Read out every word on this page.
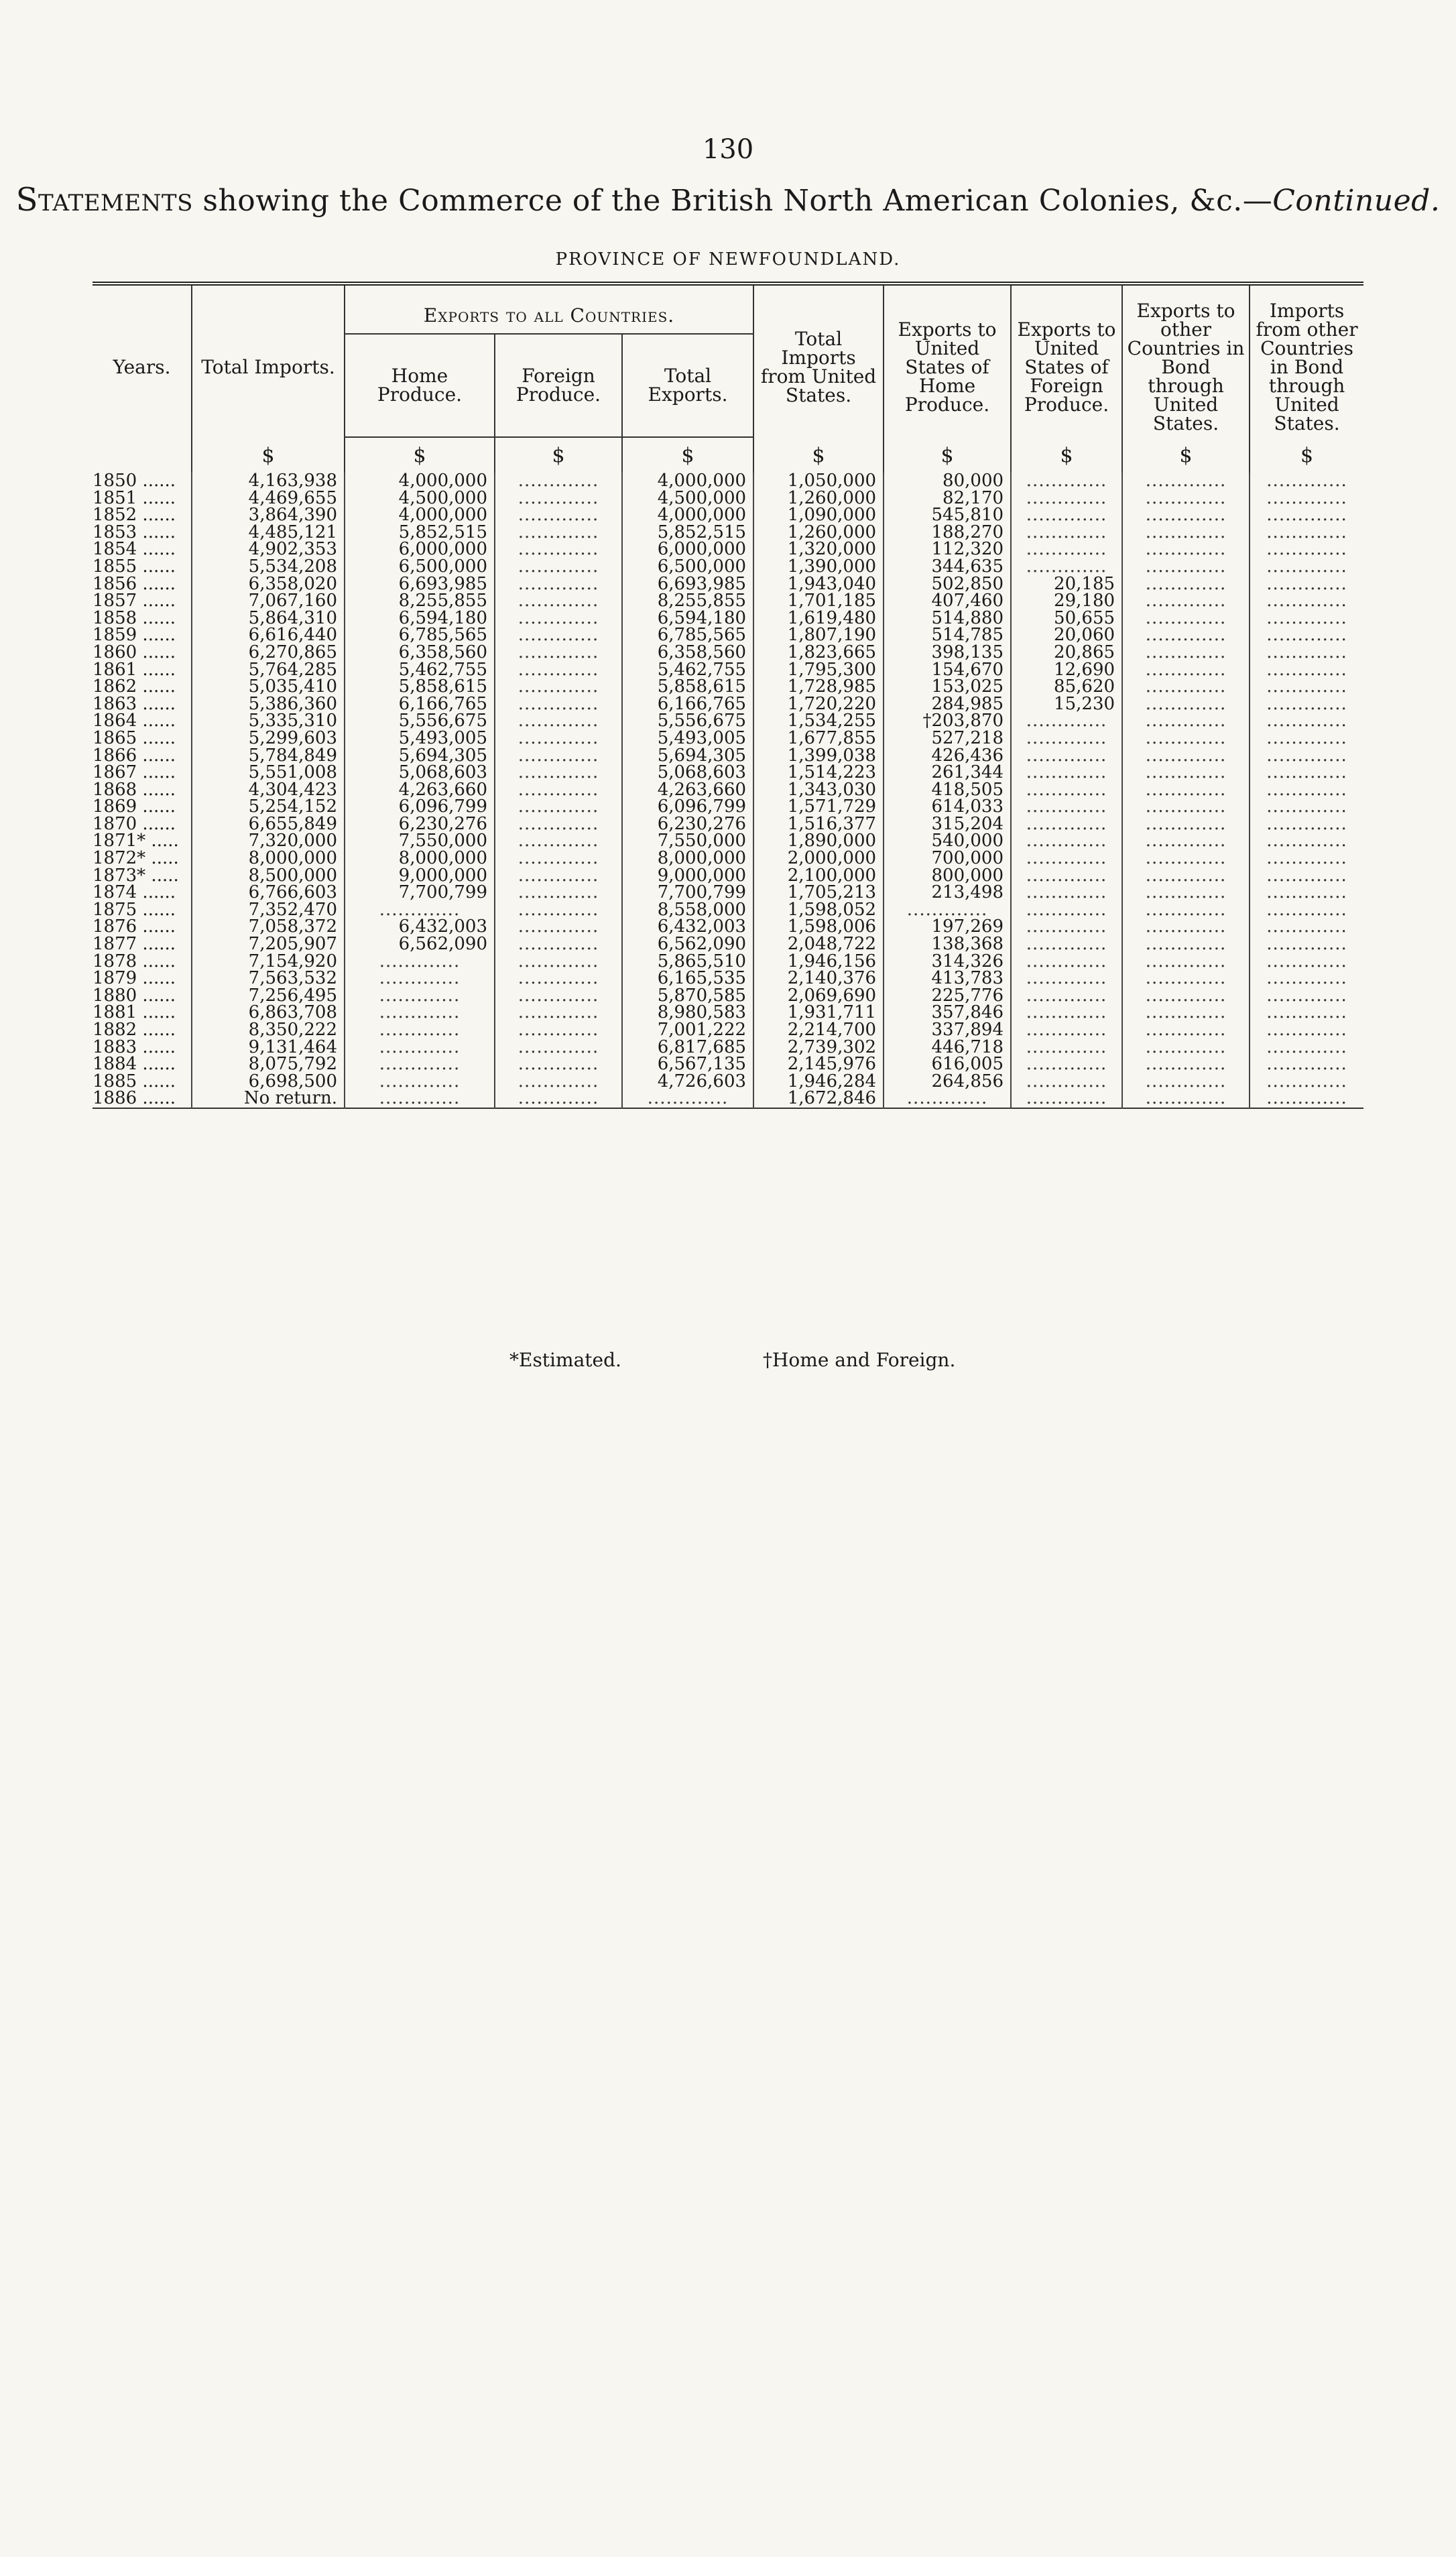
130
Statements showing the Commerce of the British North American Colonies, &c.—Continued.
PROVINCE OF NEWFOUNDLAND.
Years.	Total Imports.	Exports to all Countries.			Total Imports from United States.	Exports to United States of Home Produce.	Exports to United States of Foreign Produce.	Exports to other Countries in Bond through United States.	Imports from other Countries in Bond through United States.
		Home Produce.	Foreign Produce.	Total Exports.					
	$	$	$	$	$	$	$	$	$
1850 ......	4,163,938	4,000,000	.............	4,000,000	1,050,000	80,000	.............	.............	.............
1851 ......	4,469,655	4,500,000	.............	4,500,000	1,260,000	82,170	.............	.............	.............
1852 ......	3,864,390	4,000,000	.............	4,000,000	1,090,000	545,810	.............	.............	.............
1853 ......	4,485,121	5,852,515	.............	5,852,515	1,260,000	188,270	.............	.............	.............
1854 ......	4,902,353	6,000,000	.............	6,000,000	1,320,000	112,320	.............	.............	.............
1855 ......	5,534,208	6,500,000	.............	6,500,000	1,390,000	344,635	.............	.............	.............
1856 ......	6,358,020	6,693,985	.............	6,693,985	1,943,040	502,850	20,185	.............	.............
1857 ......	7,067,160	8,255,855	.............	8,255,855	1,701,185	407,460	29,180	.............	.............
1858 ......	5,864,310	6,594,180	.............	6,594,180	1,619,480	514,880	50,655	.............	.............
1859 ......	6,616,440	6,785,565	.............	6,785,565	1,807,190	514,785	20,060	.............	.............
1860 ......	6,270,865	6,358,560	.............	6,358,560	1,823,665	398,135	20,865	.............	.............
1861 ......	5,764,285	5,462,755	.............	5,462,755	1,795,300	154,670	12,690	.............	.............
1862 ......	5,035,410	5,858,615	.............	5,858,615	1,728,985	153,025	85,620	.............	.............
1863 ......	5,386,360	6,166,765	.............	6,166,765	1,720,220	284,985	15,230	.............	.............
1864 ......	5,335,310	5,556,675	.............	5,556,675	1,534,255	†203,870	.............	.............	.............
1865 ......	5,299,603	5,493,005	.............	5,493,005	1,677,855	527,218	.............	.............	.............
1866 ......	5,784,849	5,694,305	.............	5,694,305	1,399,038	426,436	.............	.............	.............
1867 ......	5,551,008	5,068,603	.............	5,068,603	1,514,223	261,344	.............	.............	.............
1868 ......	4,304,423	4,263,660	.............	4,263,660	1,343,030	418,505	.............	.............	.............
1869 ......	5,254,152	6,096,799	.............	6,096,799	1,571,729	614,033	.............	.............	.............
1870 ......	6,655,849	6,230,276	.............	6,230,276	1,516,377	315,204	.............	.............	.............
1871* .....	7,320,000	7,550,000	.............	7,550,000	1,890,000	540,000	.............	.............	.............
1872* .....	8,000,000	8,000,000	.............	8,000,000	2,000,000	700,000	.............	.............	.............
1873* .....	8,500,000	9,000,000	.............	9,000,000	2,100,000	800,000	.............	.............	.............
1874 ......	6,766,603	7,700,799	.............	7,700,799	1,705,213	213,498	.............	.............	.............
1875 ......	7,352,470	.............	.............	8,558,000	1,598,052	.............	.............	.............	.............
1876 ......	7,058,372	6,432,003	.............	6,432,003	1,598,006	197,269	.............	.............	.............
1877 ......	7,205,907	6,562,090	.............	6,562,090	2,048,722	138,368	.............	.............	.............
1878 ......	7,154,920	.............	.............	5,865,510	1,946,156	314,326	.............	.............	.............
1879 ......	7,563,532	.............	.............	6,165,535	2,140,376	413,783	.............	.............	.............
1880 ......	7,256,495	.............	.............	5,870,585	2,069,690	225,776	.............	.............	.............
1881 ......	6,863,708	.............	.............	8,980,583	1,931,711	357,846	.............	.............	.............
1882 ......	8,350,222	.............	.............	7,001,222	2,214,700	337,894	.............	.............	.............
1883 ......	9,131,464	.............	.............	6,817,685	2,739,302	446,718	.............	.............	.............
1884 ......	8,075,792	.............	.............	6,567,135	2,145,976	616,005	.............	.............	.............
1885 ......	6,698,500	.............	.............	4,726,603	1,946,284	264,856	.............	.............	.............
1886 ......	No return.	.............	.............	.............	1,672,846	.............	.............	.............	.............

*Estimated.	†Home and Foreign.
